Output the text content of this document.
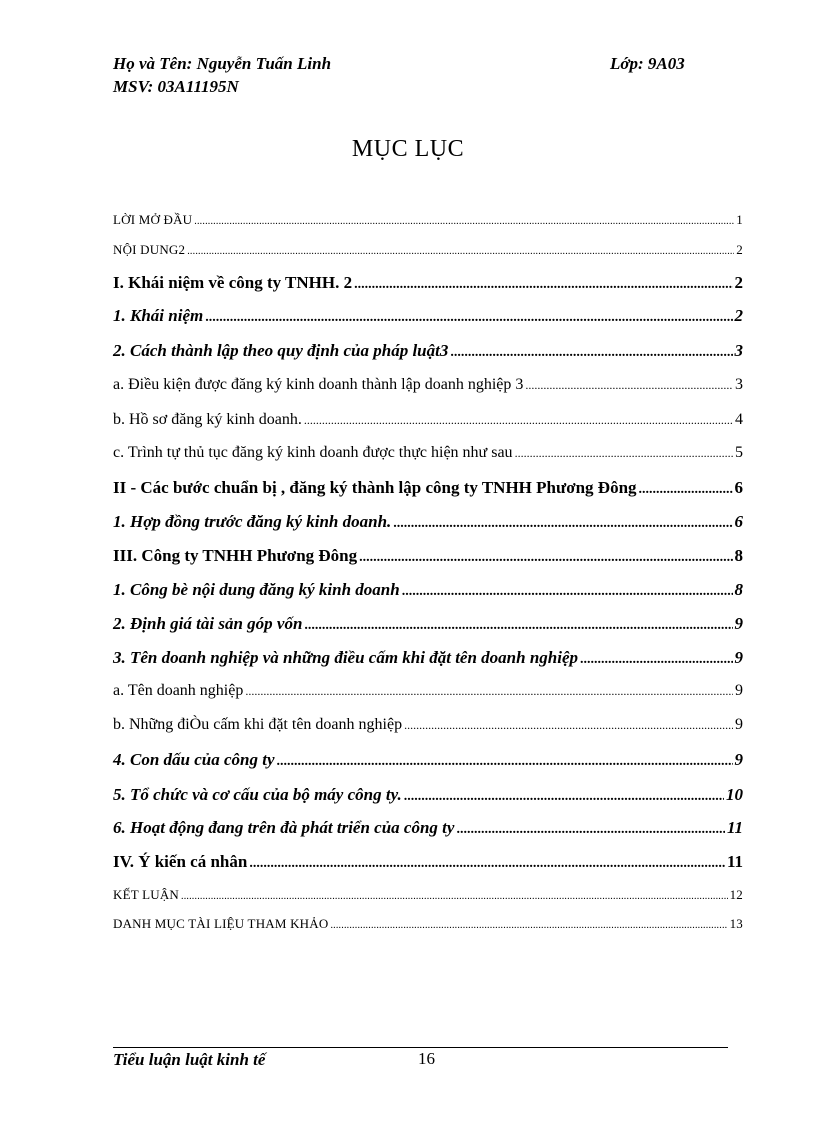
Họ và Tên: Nguyễn Tuấn Linh	Lớp: 9A03
MSV: 03A11195N
MỤC LỤC
LỜI MỞ ĐẦU .....	1
NỘI DUNG2 .....	2
I. Khái niệm về công ty TNHH. 2 .....	2
1. Khái niệm .....	2
2. Cách thành lập theo quy định của pháp luật3 .....	3
a. Điều kiện được đăng ký kinh doanh thành lập doanh nghiệp 3 .....	3
b. Hồ sơ đăng ký kinh doanh. .....	4
c. Trình tự thủ tục đăng ký kinh doanh được thực hiện như sau .....	5
II - Các bước chuẩn bị , đăng ký thành lập công ty TNHH Phương Đông .....	6
1. Hợp đồng trước đăng ký kinh doanh. .....	6
III. Công ty TNHH Phương Đông .....	8
1. Công bè nội dung đăng ký kinh doanh .....	8
2. Định giá tài sản góp vốn .....	9
3. Tên doanh nghiệp và những điều cấm khi đặt tên doanh nghiệp .....	9
a. Tên doanh nghiệp .....	9
b. Những điÒu cấm khi đặt tên doanh nghiệp .....	9
4. Con dấu của công ty .....	9
5. Tổ chức và cơ cấu của bộ máy công ty. .....	10
6. Hoạt động đang trên đà phát triển của công ty .....	11
IV. Ý kiến cá nhân .....	11
KẾT LUẬN .....	12
DANH MỤC TÀI LIỆU THAM KHẢO .....	13
Tiểu luận luật kinh tế	16
